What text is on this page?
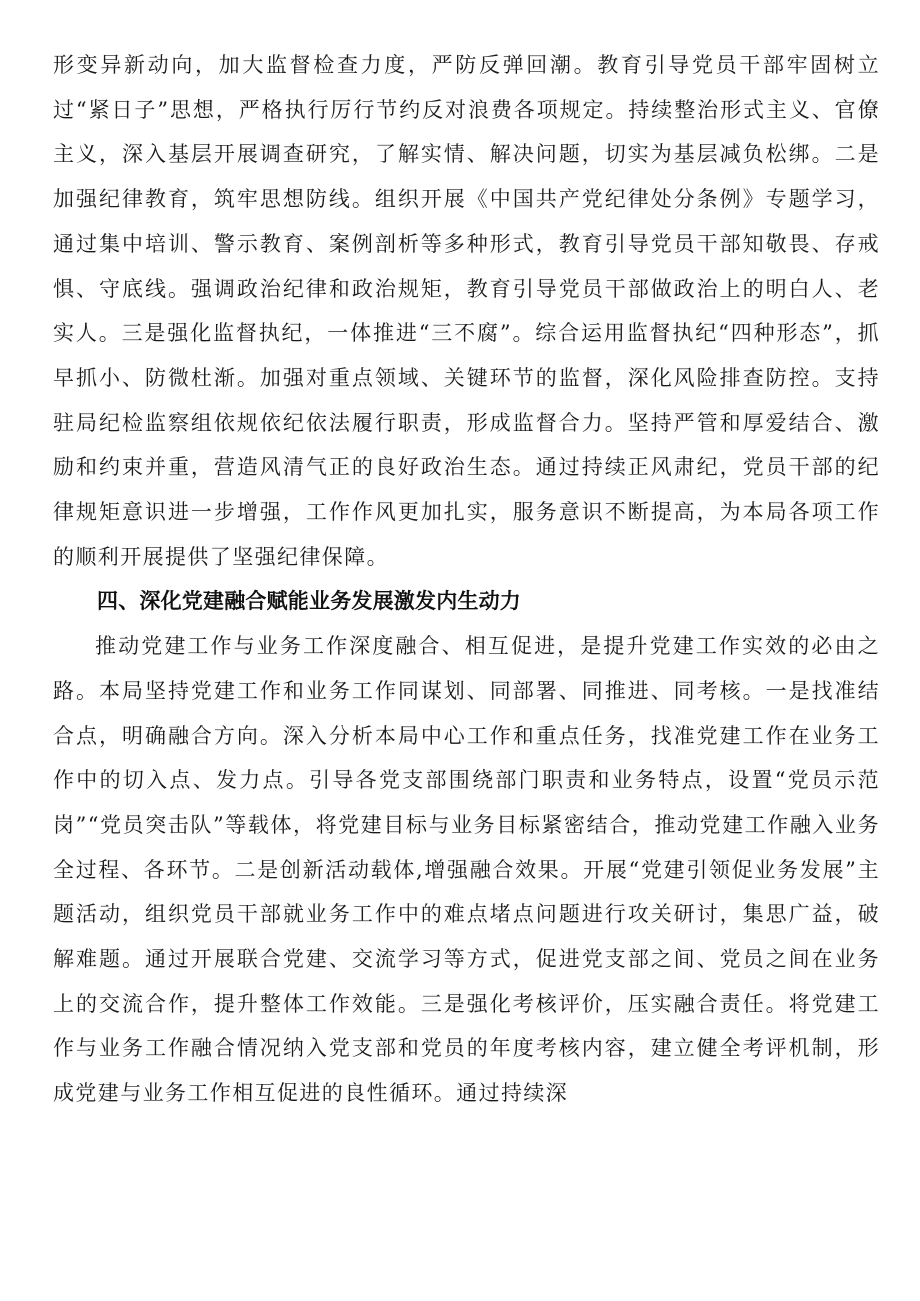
形变异新动向，加大监督检查力度，严防反弹回潮。教育引导党员干部牢固树立过“紧日子”思想，严格执行厉行节约反对浪费各项规定。持续整治形式主义、官僚主义，深入基层开展调查研究，了解实情、解决问题，切实为基层减负松绑。二是加强纪律教育，筑牢思想防线。组织开展《中国共产党纪律处分条例》专题学习，通过集中培训、警示教育、案例剖析等多种形式，教育引导党员干部知敬畏、存戒惧、守底线。强调政治纪律和政治规矩，教育引导党员干部做政治上的明白人、老实人。三是强化监督执纪，一体推进“三不腐”。综合运用监督执纪“四种形态”，抓早抓小、防微杜渐。加强对重点领域、关键环节的监督，深化风险排查防控。支持驻局纪检监察组依规依纪依法履行职责，形成监督合力。坚持严管和厚爱结合、激励和约束并重，营造风清气正的良好政治生态。通过持续正风肃纪，党员干部的纪律规矩意识进一步增强，工作作风更加扎实，服务意识不断提高，为本局各项工作的顺利开展提供了坚强纪律保障。

四、深化党建融合赋能业务发展激发内生动力

推动党建工作与业务工作深度融合、相互促进，是提升党建工作实效的必由之路。本局坚持党建工作和业务工作同谋划、同部署、同推进、同考核。一是找准结合点，明确融合方向。深入分析本局中心工作和重点任务，找准党建工作在业务工作中的切入点、发力点。引导各党支部围绕部门职责和业务特点，设置“党员示范岗”“党员突击队”等载体，将党建目标与业务目标紧密结合，推动党建工作融入业务全过程、各环节。二是创新活动载体,增强融合效果。开展“党建引领促业务发展”主题活动，组织党员干部就业务工作中的难点堵点问题进行攻关研讨，集思广益，破解难题。通过开展联合党建、交流学习等方式，促进党支部之间、党员之间在业务上的交流合作，提升整体工作效能。三是强化考核评价，压实融合责任。将党建工作与业务工作融合情况纳入党支部和党员的年度考核内容，建立健全考评机制，形成党建与业务工作相互促进的良性循环。通过持续深
